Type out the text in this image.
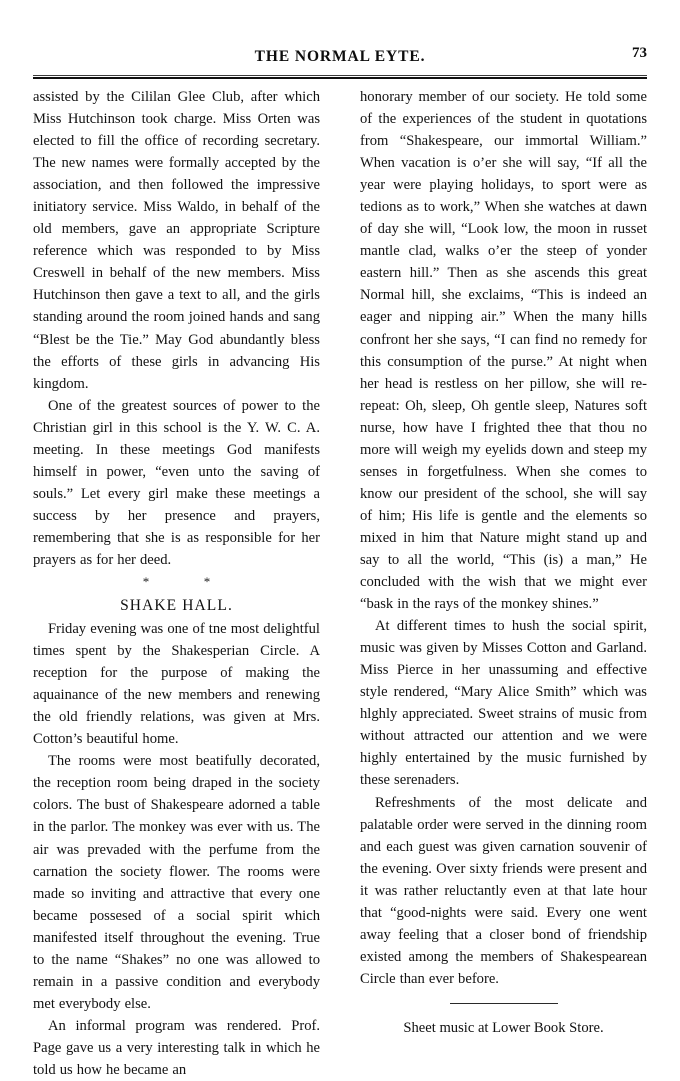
THE NORMAL EYTE.	73

assisted by the Cililan Glee Club, after which Miss Hutchinson took charge. Miss Orten was elected to fill the office of recording secretary. The new names were formally accepted by the association, and then followed the impressive initiatory service. Miss Waldo, in behalf of the old members, gave an appropriate Scripture reference which was responded to by Miss Creswell in behalf of the new members. Miss Hutchinson then gave a text to all, and the girls standing around the room joined hands and sang “Blest be the Tie.” May God abundantly bless the efforts of these girls in advancing His kingdom.

One of the greatest sources of power to the Christian girl in this school is the Y. W. C. A. meeting. In these meetings God manifests himself in power, “even unto the saving of souls.” Let every girl make these meetings a success by her presence and prayers, remembering that she is as responsible for her prayers as for her deed.

* *
SHAKE HALL.

Friday evening was one of tne most delightful times spent by the Shakesperian Circle. A reception for the purpose of making the aquainance of the new members and renewing the old friendly relations, was given at Mrs. Cotton’s beautiful home.

The rooms were most beatifully decorated, the reception room being draped in the society colors. The bust of Shakespeare adorned a table in the parlor. The monkey was ever with us. The air was prevaded with the perfume from the carnation the society flower. The rooms were made so inviting and attractive that every one became possesed of a social spirit which manifested itself throughout the evening. True to the name “Shakes” no one was allowed to remain in a passive condition and everybody met everybody else.

An informal program was rendered. Prof. Page gave us a very interesting talk in which he told us how he became an

honorary member of our society. He told some of the experiences of the student in quotations from “Shakespeare, our immortal William.” When vacation is o’er she will say, “If all the year were playing holidays, to sport were as tedions as to work,” When she watches at dawn of day she will, “Look low, the moon in russet mantle clad, walks o’er the steep of yonder eastern hill.” Then as she ascends this great Normal hill, she exclaims, “This is indeed an eager and nipping air.” When the many hills confront her she says, “I can find no remedy for this consumption of the purse.” At night when her head is restless on her pillow, she will re-repeat: Oh, sleep, Oh gentle sleep, Natures soft nurse, how have I frighted thee that thou no more will weigh my eyelids down and steep my senses in forgetfulness. When she comes to know our president of the school, she will say of him; His life is gentle and the elements so mixed in him that Nature might stand up and say to all the world, “This (is) a man,” He concluded with the wish that we might ever “bask in the rays of the monkey shines.”

At different times to hush the social spirit, music was given by Misses Cotton and Garland. Miss Pierce in her unassuming and effective style rendered, “Mary Alice Smith” which was hlghly appreciated. Sweet strains of music from without attracted our attention and we were highly entertained by the music furnished by these serenaders.

Refreshments of the most delicate and palatable order were served in the dinning room and each guest was given carnation souvenir of the evening. Over sixty friends were present and it was rather reluctantly even at that late hour that “good-nights were said. Every one went away feeling that a closer bond of friendship existed among the members of Shakespearean Circle than ever before.

Sheet music at Lower Book Store.
